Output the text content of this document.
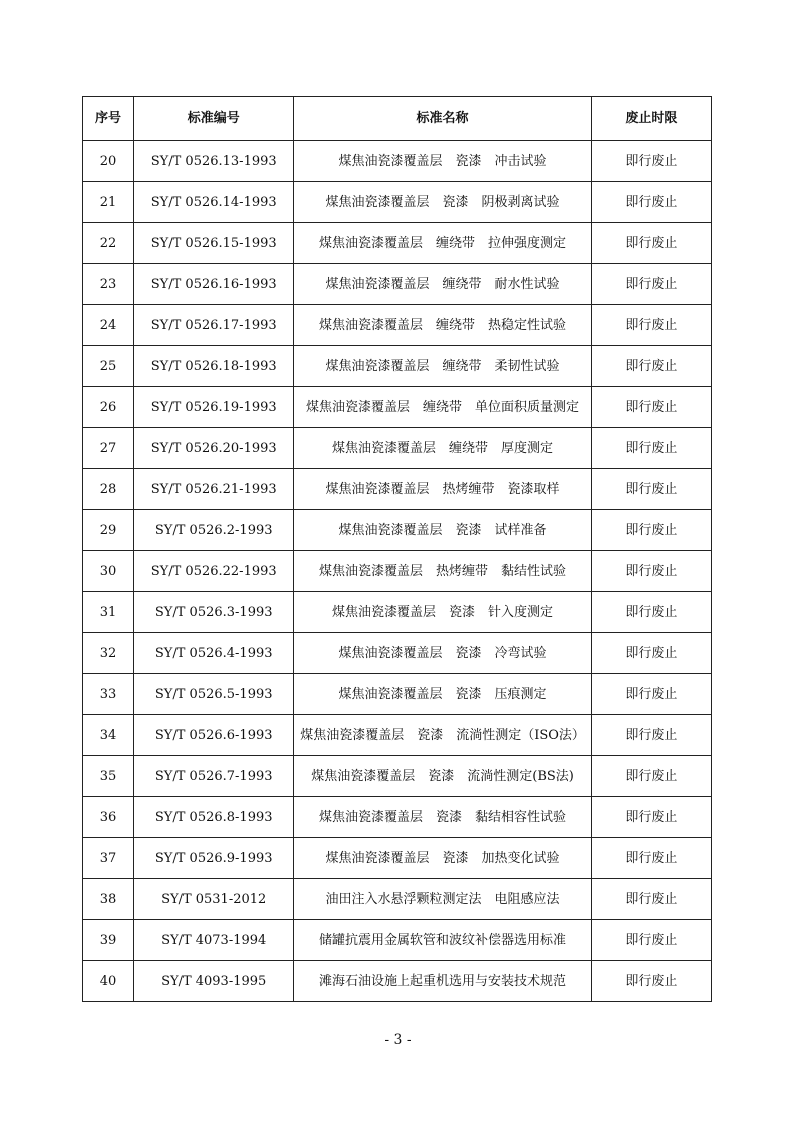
序号	标准编号	标准名称	废止时限
20	SY/T 0526.13-1993	煤焦油瓷漆覆盖层　瓷漆　冲击试验	即行废止
21	SY/T 0526.14-1993	煤焦油瓷漆覆盖层　瓷漆　阴极剥离试验	即行废止
22	SY/T 0526.15-1993	煤焦油瓷漆覆盖层　缠绕带　拉伸强度测定	即行废止
23	SY/T 0526.16-1993	煤焦油瓷漆覆盖层　缠绕带　耐水性试验	即行废止
24	SY/T 0526.17-1993	煤焦油瓷漆覆盖层　缠绕带　热稳定性试验	即行废止
25	SY/T 0526.18-1993	煤焦油瓷漆覆盖层　缠绕带　柔韧性试验	即行废止
26	SY/T 0526.19-1993	煤焦油瓷漆覆盖层　缠绕带　单位面积质量测定	即行废止
27	SY/T 0526.20-1993	煤焦油瓷漆覆盖层　缠绕带　厚度测定	即行废止
28	SY/T 0526.21-1993	煤焦油瓷漆覆盖层　热烤缠带　瓷漆取样	即行废止
29	SY/T 0526.2-1993	煤焦油瓷漆覆盖层　瓷漆　试样准备	即行废止
30	SY/T 0526.22-1993	煤焦油瓷漆覆盖层　热烤缠带　黏结性试验	即行废止
31	SY/T 0526.3-1993	煤焦油瓷漆覆盖层　瓷漆　针入度测定	即行废止
32	SY/T 0526.4-1993	煤焦油瓷漆覆盖层　瓷漆　冷弯试验	即行废止
33	SY/T 0526.5-1993	煤焦油瓷漆覆盖层　瓷漆　压痕测定	即行废止
34	SY/T 0526.6-1993	煤焦油瓷漆覆盖层　瓷漆　流淌性测定（ISO法）	即行废止
35	SY/T 0526.7-1993	煤焦油瓷漆覆盖层　瓷漆　流淌性测定(BS法)	即行废止
36	SY/T 0526.8-1993	煤焦油瓷漆覆盖层　瓷漆　黏结相容性试验	即行废止
37	SY/T 0526.9-1993	煤焦油瓷漆覆盖层　瓷漆　加热变化试验	即行废止
38	SY/T 0531-2012	油田注入水悬浮颗粒测定法　电阻感应法	即行废止
39	SY/T 4073-1994	储罐抗震用金属软管和波纹补偿器选用标准	即行废止
40	SY/T 4093-1995	滩海石油设施上起重机选用与安装技术规范	即行废止
- 3 -
